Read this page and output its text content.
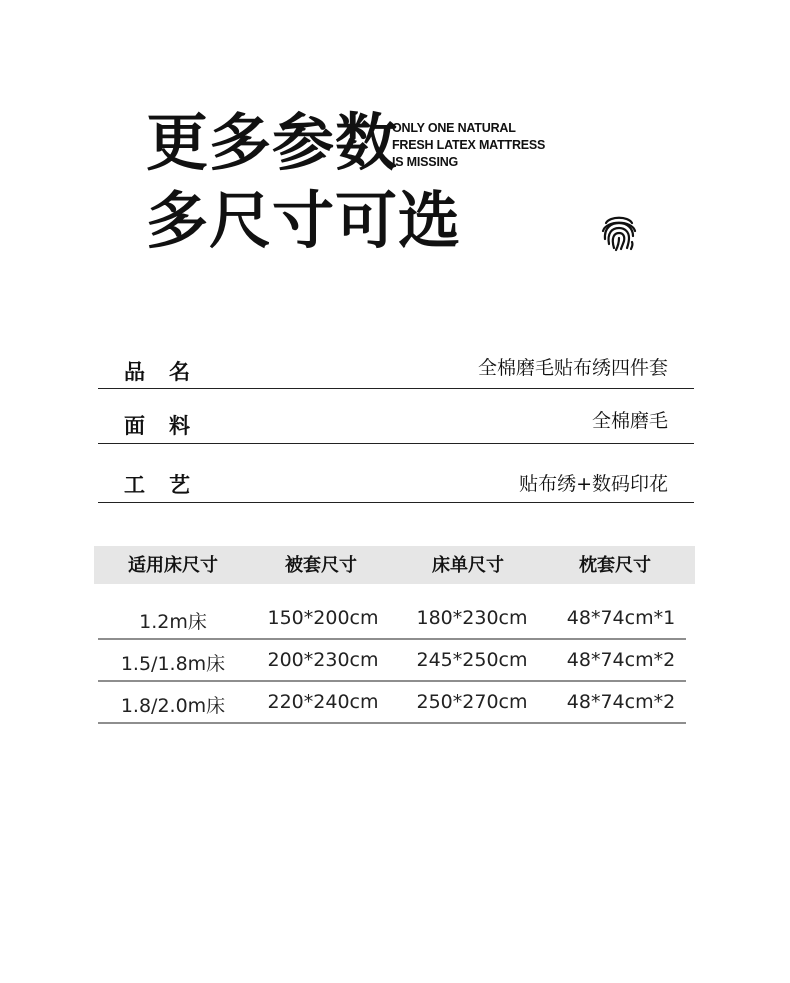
更多参数
多尺寸可选
ONLY ONE NATURAL
FRESH LATEX MATTRESS
IS MISSING
品名	全棉磨毛贴布绣四件套
面料	全棉磨毛
工艺	贴布绣+数码印花
适用床尺寸	被套尺寸	床单尺寸	枕套尺寸
1.2m床	150*200cm	180*230cm	48*74cm*1
1.5/1.8m床	200*230cm	245*250cm	48*74cm*2
1.8/2.0m床	220*240cm	250*270cm	48*74cm*2
